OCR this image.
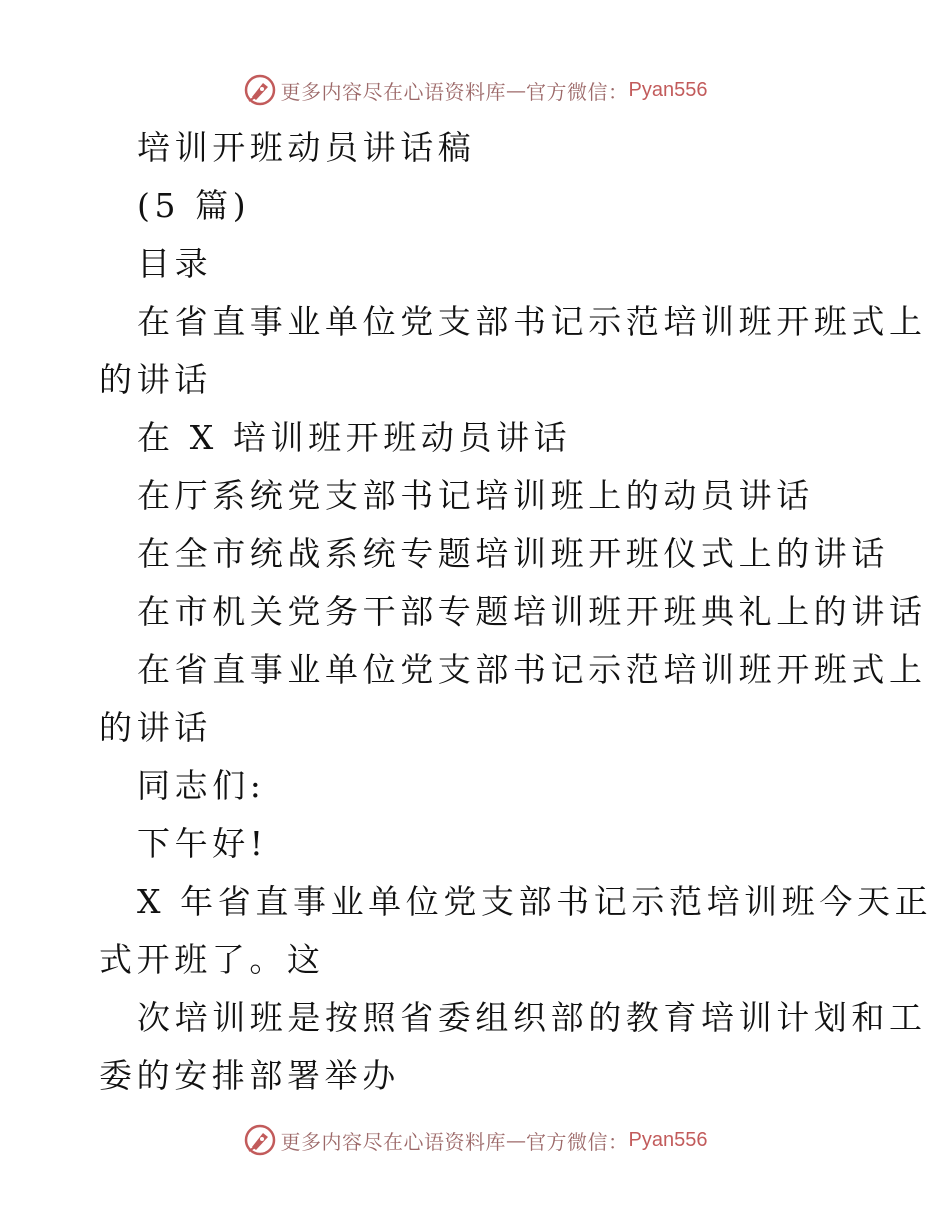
更多内容尽在心语资料库 — 官方微信： Pyan556
培训开班动员讲话稿
(5 篇)
目录
在省直事业单位党支部书记示范培训班开班式上
的讲话
在 X 培训班开班动员讲话
在厅系统党支部书记培训班上的动员讲话
在全市统战系统专题培训班开班仪式上的讲话
在市机关党务干部专题培训班开班典礼上的讲话
在省直事业单位党支部书记示范培训班开班式上
的讲话
同志们:
下午好!
X 年省直事业单位党支部书记示范培训班今天正
式开班了。这
次培训班是按照省委组织部的教育培训计划和工
委的安排部署举办
更多内容尽在心语资料库 — 官方微信： Pyan556
